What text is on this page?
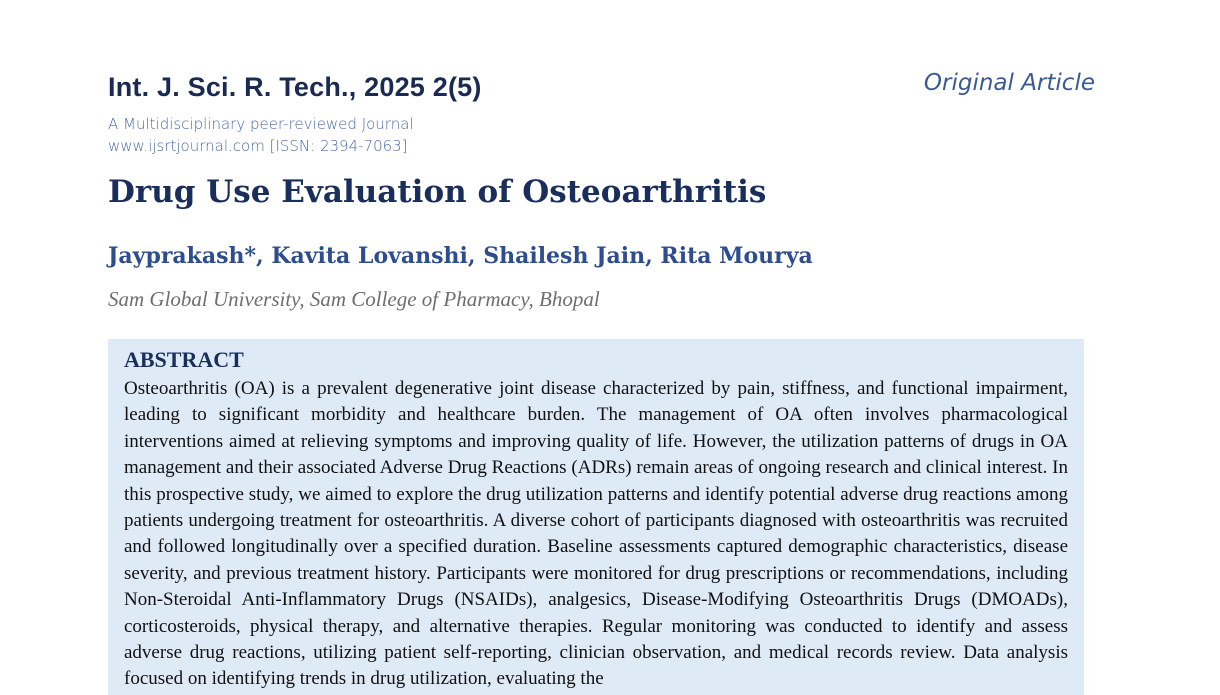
Int. J. Sci. R. Tech., 2025 2(5)	Original Article
A Multidisciplinary peer-reviewed Journal
www.ijsrtjournal.com [ISSN: 2394-7063]
Drug Use Evaluation of Osteoarthritis
Jayprakash*, Kavita Lovanshi, Shailesh Jain, Rita Mourya
Sam Global University, Sam College of Pharmacy, Bhopal
ABSTRACT

Osteoarthritis (OA) is a prevalent degenerative joint disease characterized by pain, stiffness, and functional impairment, leading to significant morbidity and healthcare burden. The management of OA often involves pharmacological interventions aimed at relieving symptoms and improving quality of life. However, the utilization patterns of drugs in OA management and their associated Adverse Drug Reactions (ADRs) remain areas of ongoing research and clinical interest. In this prospective study, we aimed to explore the drug utilization patterns and identify potential adverse drug reactions among patients undergoing treatment for osteoarthritis. A diverse cohort of participants diagnosed with osteoarthritis was recruited and followed longitudinally over a specified duration. Baseline assessments captured demographic characteristics, disease severity, and previous treatment history. Participants were monitored for drug prescriptions or recommendations, including Non-Steroidal Anti-Inflammatory Drugs (NSAIDs), analgesics, Disease-Modifying Osteoarthritis Drugs (DMOADs), corticosteroids, physical therapy, and alternative therapies. Regular monitoring was conducted to identify and assess adverse drug reactions, utilizing patient self-reporting, clinician observation, and medical records review. Data analysis focused on identifying trends in drug utilization, evaluating the
